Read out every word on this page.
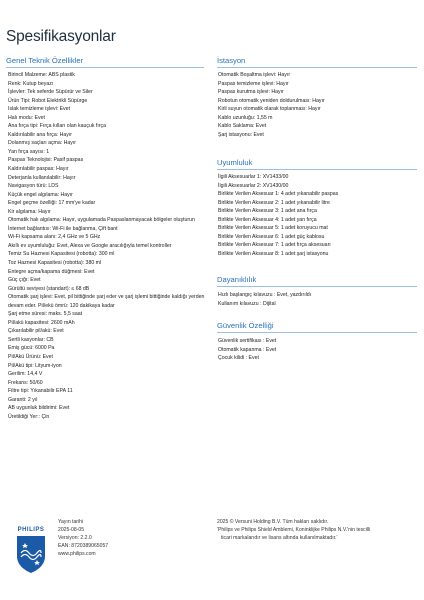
Spesifikasyonlar
Genel Teknik Özellikler
Birincil Malzeme: ABS plastik
Renk: Kutup beyazı
İşlevler: Tek seferde Süpürür ve Siler
Ürün Tipi: Robot Elektrikli Süpürge
Islak temizleme işlevi: Evet
Halı modu: Evet
Ana fırça tipi: Fırça kılları olan kauçuk fırça
Kaldırılabilir ana fırça: Hayır
Dolanmış saçları açma: Hayır
Yan fırça sayısı: 1
Paspas Teknolojisi: Pasif paspas
Kaldırılabilir paspas: Hayır
Deterjanla kullanılabilir: Hayır
Navigasyon türü: LDS
Küçük engel algılama: Hayır
Engel geçme özelliği: 17 mm'ye kadar
Kir algılama: Hayır
Otomatik halı algılama: Hayır, uygulamada Paspaslanmayacak bölgeler oluşturun
İnternet bağlantısı: Wi-Fi ile bağlanma, Çift bant
Wi-Fi kapsama alanı: 2,4 GHz ve 5 GHz
Akıllı ev uyumluluğu: Evet, Alexa ve Google aracılığıyla temel kontroller
Temiz Su Haznesi Kapasitesi (robotta): 300 ml
Toz Haznesi Kapasitesi (robotta): 380 ml
Entegre açma/kapama düğmesi: Evet
Güç çığı: Evet
Gürültü seviyesi (standart): ≤ 68 dB
Otomatik şarj işlevi: Evet, pil bittiğinde şarj eder ve şarj işlemi bittiğinde kaldığı yerden devam eder. Pil/ekü ömrü: 120 dakikaya kadar
Şarj etme süresi: maks. 5,5 saat
Pil/akü kapasitesi: 2600 mAh
Çıkarılabilir pil/akü: Evet
Sertli kasyonlar: CB
Emiş gücü: 6000 Pa
Pil/Akü Ürünü: Evet
Pil/Akü tipi: Lityum-iyon
Gerilim: 14,4 V
Frekans: 50/60
Filtre tipi: Yıkanabilir EPA 11
Garanti: 2 yıl
AB uygunluk bildirimi: Evet
Üretildiği Yer:: Çin
İstasyon
Otomatik Boşaltma işlevi: Hayır
Paspas temizleme işlevi: Hayır
Paspas kurutma işlevi: Hayır
Robotun otomatik yeniden doldurulması: Hayır
Kirli suyun otomatik olarak toplanması: Hayır
Kablo uzunluğu: 1,55 m
Kablo Saklama: Evet
Şarj istasyonu: Evet
Uyumluluk
İlgili Aksesuarlar 1: XV1433/00
İlgili Aksesuarlar 2: XV1430/00
Birlikte Verilen Aksesuar 1: 4 adet yıkanabilir paspas
Birlikte Verilen Aksesuar 2: 1 adet yıkanabilir litre
Birlikte Verilen Aksesuar 3: 1 adet ana fırça
Birlikte Verilen Aksesuar 4: 1 adet yan fırça
Birlikte Verilen Aksesuar 5: 1 adet koruyucu mat
Birlikte Verilen Aksesuar 6: 1 adet güç kablosu
Birlikte Verilen Aksesuar 7: 1 adet fırça aksesuarı
Birlikte Verilen Aksesuar 8: 1 adet şarj istasyonu
Dayanıklılık
Hızlı başlangıç kılavuzu : Evet, yazdırıldı
Kullanım kılavuzu : Dijital
Güvenlik Özelliği
Güvenlik sertifikası : Evet
Otomatik kapanma : Evet
Çocuk kilidi : Evet
PHILIPS
Yayın tarihi
2025-08-05
Versiyon: 2.2.0
EAN: 8720389065057
www.philips.com
2025 © Versuni Holding B.V. Tüm hakları saklıdır.
'Philips ve Philips Shield Amblemi, Koninklijke Philips N.V.'nin tescilli
ticari markalarıdır ve lisans altında kullanılmaktadır.'
